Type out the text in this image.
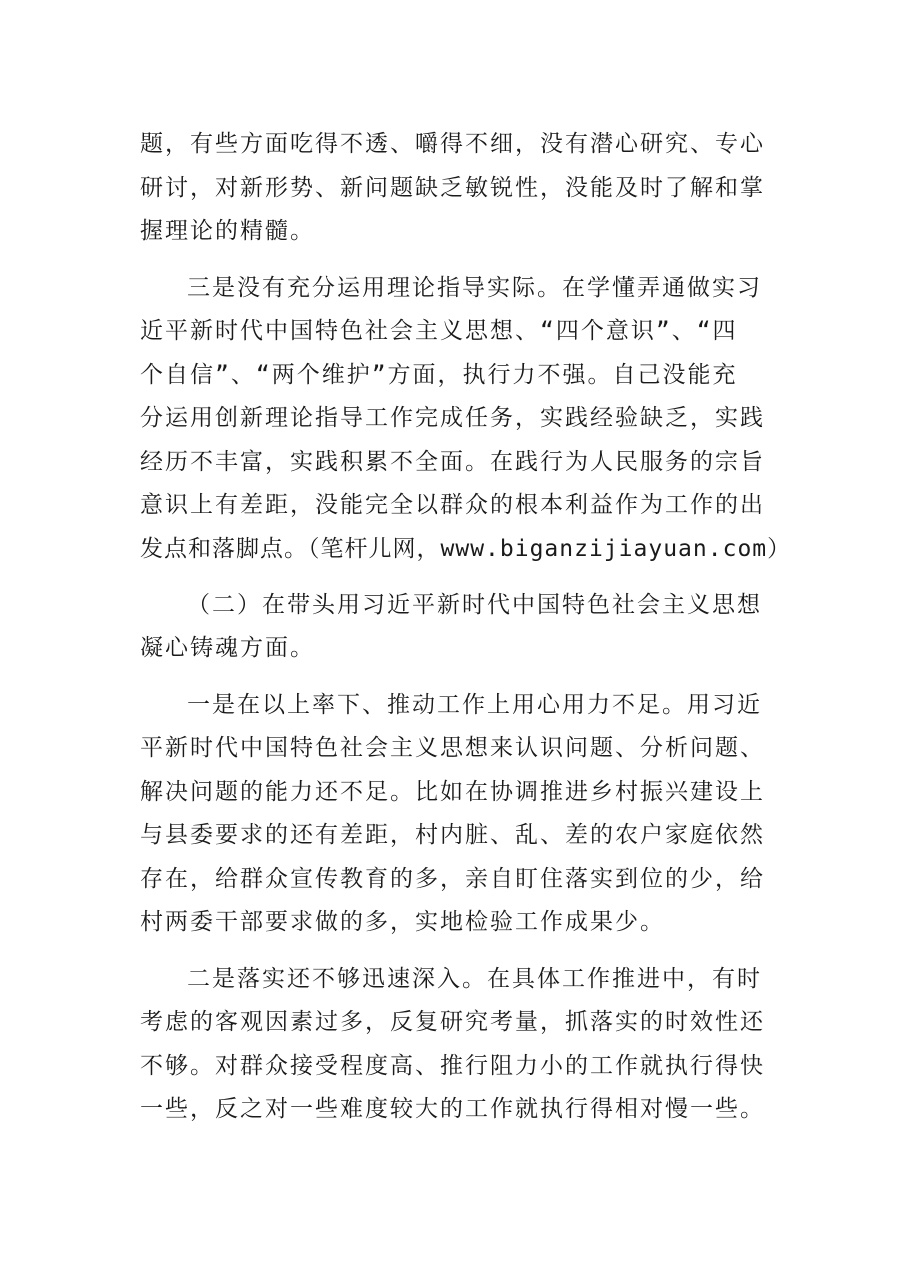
题，有些方面吃得不透、嚼得不细，没有潜心研究、专心
研讨，对新形势、新问题缺乏敏锐性，没能及时了解和掌
握理论的精髓。
三是没有充分运用理论指导实际。在学懂弄通做实习
近平新时代中国特色社会主义思想、“四个意识”、“四
个自信”、“两个维护”方面，执行力不强。自己没能充
分运用创新理论指导工作完成任务，实践经验缺乏，实践
经历不丰富，实践积累不全面。在践行为人民服务的宗旨
意识上有差距，没能完全以群众的根本利益作为工作的出
发点和落脚点。（笔杆儿网，www.biganzijiayuan.com）
（二）在带头用习近平新时代中国特色社会主义思想
凝心铸魂方面。
一是在以上率下、推动工作上用心用力不足。用习近
平新时代中国特色社会主义思想来认识问题、分析问题、
解决问题的能力还不足。比如在协调推进乡村振兴建设上
与县委要求的还有差距，村内脏、乱、差的农户家庭依然
存在，给群众宣传教育的多，亲自盯住落实到位的少，给
村两委干部要求做的多，实地检验工作成果少。
二是落实还不够迅速深入。在具体工作推进中，有时
考虑的客观因素过多，反复研究考量，抓落实的时效性还
不够。对群众接受程度高、推行阻力小的工作就执行得快
一些，反之对一些难度较大的工作就执行得相对慢一些。
